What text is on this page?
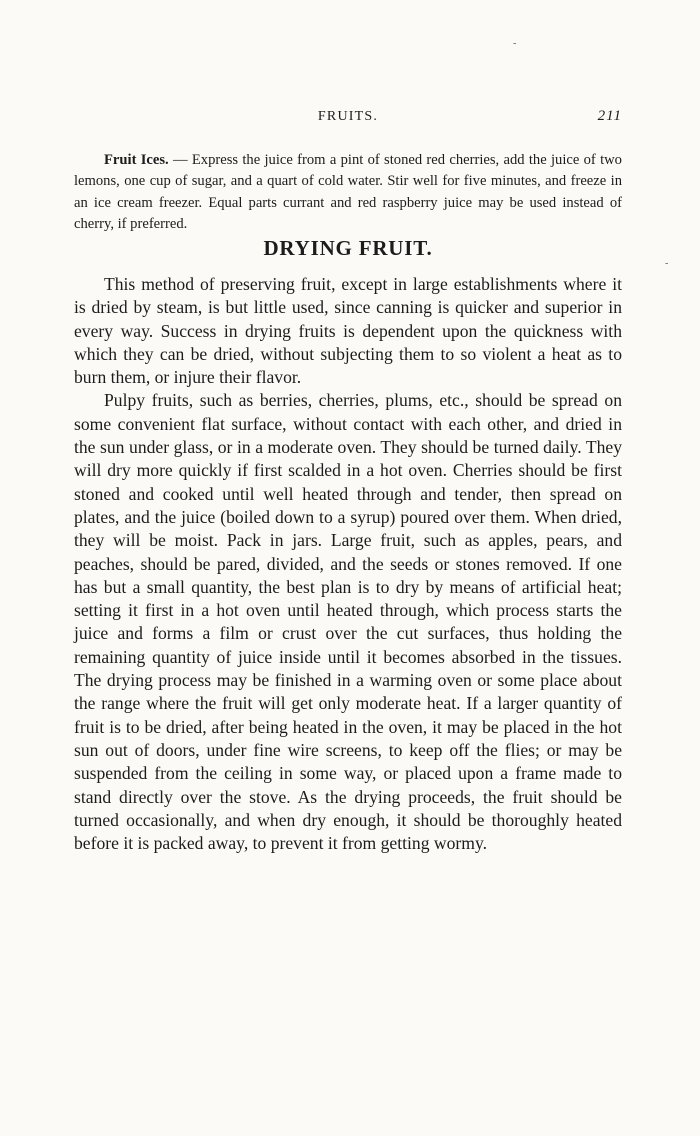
-
-
FRUITS.	211

Fruit Ices. — Express the juice from a pint of stoned red cherries, add the juice of two lemons, one cup of sugar, and a quart of cold water. Stir well for five minutes, and freeze in an ice cream freezer. Equal parts currant and red raspberry juice may be used instead of cherry, if preferred.

DRYING FRUIT.

This method of preserving fruit, except in large establishments where it is dried by steam, is but little used, since canning is quicker and superior in every way. Success in drying fruits is dependent upon the quickness with which they can be dried, without subjecting them to so violent a heat as to burn them, or injure their flavor.

Pulpy fruits, such as berries, cherries, plums, etc., should be spread on some convenient flat surface, without contact with each other, and dried in the sun under glass, or in a moderate oven. They should be turned daily. They will dry more quickly if first scalded in a hot oven. Cherries should be first stoned and cooked until well heated through and tender, then spread on plates, and the juice (boiled down to a syrup) poured over them. When dried, they will be moist. Pack in jars. Large fruit, such as apples, pears, and peaches, should be pared, divided, and the seeds or stones removed. If one has but a small quantity, the best plan is to dry by means of artificial heat; setting it first in a hot oven until heated through, which process starts the juice and forms a film or crust over the cut surfaces, thus holding the remaining quantity of juice inside until it becomes absorbed in the tissues. The drying process may be finished in a warming oven or some place about the range where the fruit will get only moderate heat. If a larger quantity of fruit is to be dried, after being heated in the oven, it may be placed in the hot sun out of doors, under fine wire screens, to keep off the flies; or may be suspended from the ceiling in some way, or placed upon a frame made to stand directly over the stove. As the drying proceeds, the fruit should be turned occasionally, and when dry enough, it should be thoroughly heated before it is packed away, to prevent it from getting wormy.
